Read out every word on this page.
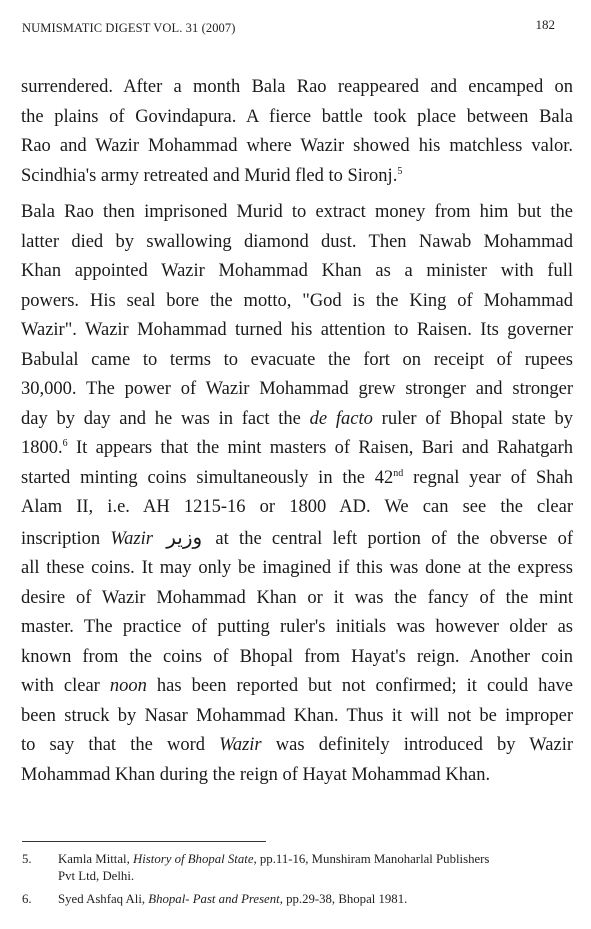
NUMISMATIC DIGEST VOL. 31 (2007)	182
surrendered. After a month Bala Rao reappeared and encamped on
the plains of Govindapura. A fierce battle took place between Bala
Rao and Wazir Mohammad where Wazir showed his matchless valor.
Scindhia's army retreated and Murid fled to Sironj.$^5$
Bala Rao then imprisoned Murid to extract money from him but the
latter died by swallowing diamond dust. Then Nawab Mohammad
Khan appointed Wazir Mohammad Khan as a minister with full
powers. His seal bore the motto, "God is the King of Mohammad
Wazir". Wazir Mohammad turned his attention to Raisen. Its governer
Babulal came to terms to evacuate the fort on receipt of rupees
30,000. The power of Wazir Mohammad grew stronger and stronger
day by day and he was in fact the de facto ruler of Bhopal state by
1800.$^6$ It appears that the mint masters of Raisen, Bari and Rahatgarh
started minting coins simultaneously in the 42nd regnal year of Shah
Alam II, i.e. AH 1215-16 or 1800 AD. We can see the clear
inscription Wazir وزير at the central left portion of the obverse of
all these coins. It may only be imagined if this was done at the express
desire of Wazir Mohammad Khan or it was the fancy of the mint
master. The practice of putting ruler's initials was however older as
known from the coins of Bhopal from Hayat's reign. Another coin
with clear noon has been reported but not confirmed; it could have
been struck by Nasar Mohammad Khan. Thus it will not be improper
to say that the word Wazir was definitely introduced by Wazir
Mohammad Khan during the reign of Hayat Mohammad Khan.
5. Kamla Mittal, History of Bhopal State, pp.11-16, Munshiram Manoharlal Publishers
Pvt Ltd, Delhi.
6. Syed Ashfaq Ali, Bhopal- Past and Present, pp.29-38, Bhopal 1981.
